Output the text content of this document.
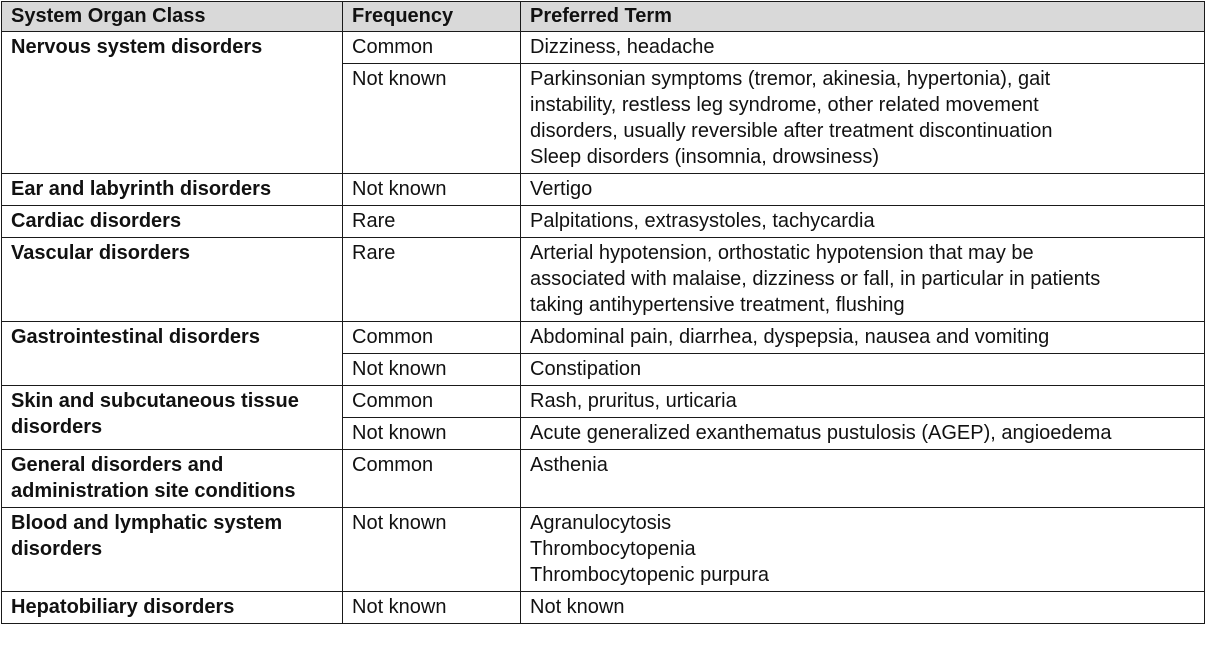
System Organ Class	Frequency	Preferred Term
Nervous system disorders	Common	Dizziness, headache

	Not known	Parkinsonian symptoms (tremor, akinesia, hypertonia), gait
instability, restless leg syndrome, other related movement
disorders, usually reversible after treatment discontinuation
Sleep disorders (insomnia, drowsiness)

Ear and labyrinth disorders	Not known	Vertigo

Cardiac disorders	Rare	Palpitations, extrasystoles, tachycardia

Vascular disorders	Rare	Arterial hypotension, orthostatic hypotension that may be
associated with malaise, dizziness or fall, in particular in patients
taking antihypertensive treatment, flushing

Gastrointestinal disorders	Common	Abdominal pain, diarrhea, dyspepsia, nausea and vomiting

	Not known	Constipation

Skin and subcutaneous tissue
disorders	Common	Rash, pruritus, urticaria

	Not known	Acute generalized exanthematus pustulosis (AGEP), angioedema

General disorders and
administration site conditions	Common	Asthenia

Blood and lymphatic system
disorders	Not known	Agranulocytosis
Thrombocytopenia
Thrombocytopenic purpura

Hepatobiliary disorders	Not known	Not known
